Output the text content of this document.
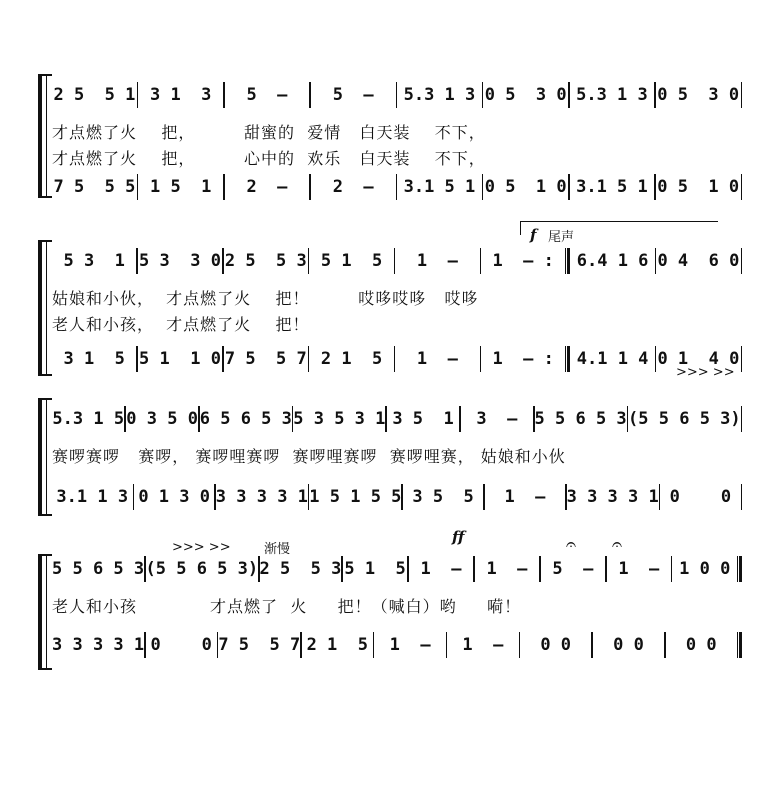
2 5  5 1 3 1  3	5  —	5  —	5.3 1 3 0 5  3 0 5.3 1 3 0 5  3 0
才点燃了火    把，        甜蜜的  爱情   白天装    不下，
才点燃了火    把，        心中的  欢乐   白天装    不下，
7 5  5 5 1 5  1	2  —	2  —	3.1 5 1 0 5  1 0 3.1 5 1 0 5  1 0
f 尾声
5 3  1 5 3  3 0 2 5  5 3 5 1  5	1  —	1  — :	6.4 1 6 0 4  6 0
姑娘和小伙，  才点燃了火    把！        哎哆哎哆   哎哆
老人和小孩，  才点燃了火    把！
3 1  5 5 1  1 0 7 5  5 7 2 1  5	1  —	1  — :	4.1 1 4 0 1  4 0
>>> >>
5.3 1 5 0 3 5 0 6 5 6 5 3 5 3 5 3 1 3 5  1	3  —	5 5 6 5 3 (5 5 6 5 3)
赛啰赛啰   赛啰， 赛啰哩赛啰  赛啰哩赛啰  赛啰哩赛， 姑娘和小伙
3.1 1 3 0 1 3 0 3 3 3 3 1 1 5 1 5 5 3 5  5	1  —	3 3 3 3 1 0    0
>>> >>	渐慢
ff	𝄐 𝄐
5 5 6 5 3 (5 5 6 5 3) 2 5  5 3 5 1  5 1  —	1  —	5  —	1  —	1 0 0
老人和小孩            才点燃了  火     把！（喊白）哟     嗬！
3 3 3 3 1 0    0 7 5  5 7 2 1  5	1  —	1  —	0 0	0 0	0 0
